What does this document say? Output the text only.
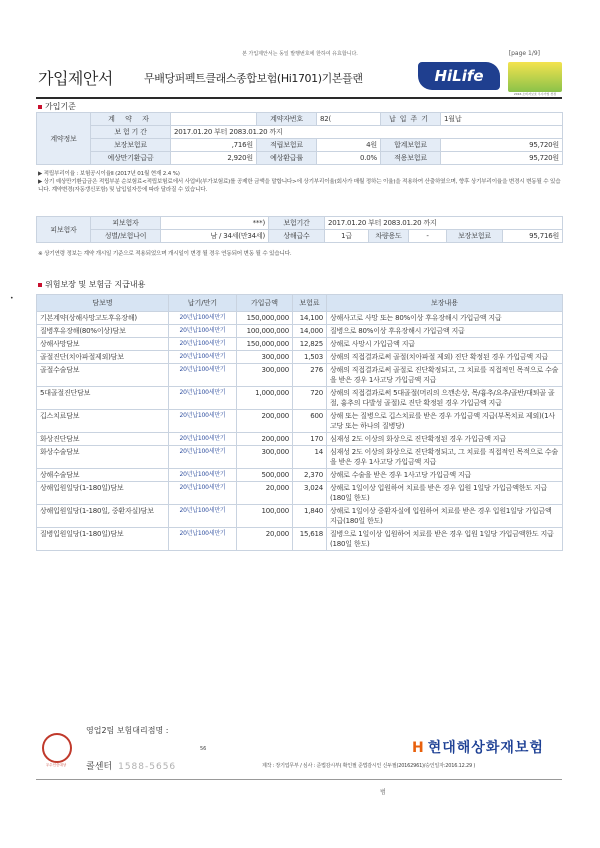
본 가입제안서는 동일 발행번호에 한하여 유효합니다.	[page 1/9]
가입제안서	무배당퍼펙트클래스종합보험(Hi1701)기본플랜	HiLife
2016 소비자보호 우수기업 선정
가입기준
계약정보	계 약 자		계약자번호	82(	납입주기	1월납
	보 험 기 간	2017.01.20 부터 2083.01.20 까지				
	보장보험료	‚716원	적립보험료	4원	합계보험료	95,720원
	예상만기환급금	2,920원	예상환급률	0.0%	적용보험료	95,720원
▶ 적립부리이율 : 보험공시이율Ⅱ (2017년 01월 현재 2.4 %)
▶ 상기 예상만기환급금은 적립부분 순보험료<적립보험료에서 사업비(부가보험료)를 공제한 금액을 말합니다>에 상기부리이율(회사가 매월 정하는 이율)을 적용하여 산출하였으며, 향후 상기부리이율을 변경시 변동될 수 있습니다. 계약변경(자동갱신포함) 및 납입일자등에 따라 달라질 수 있습니다.
피보험자	피보험자	***)	보험기간	2017.01.20 부터 2083.01.20 까지				
	성별/보험나이	남 / 34세(만34세)	상해급수	1급	차량용도	-	보장보험료	95,716원
※ 상기연령 정보는 계약 개시일 기준으로 적용되었으며 개시일이 변경 될 경우 연동되어 변동 될 수 있습니다.
위험보장 및 보험금 지급내용
•
담보명	납기/만기	가입금액	보험료	보장내용
기본계약(상해사망고도후유장해)	20년납100세만기	150,000,000	14,100	상해사고로 사망 또는 80%이상 후유장해시 가입금액 지급
질병후유장해(80%이상)담보	20년납100세만기	100,000,000	14,000	질병으로 80%이상 후유장해시 가입금액 지급
상해사망담보	20년납100세만기	150,000,000	12,825	상해로 사망시 가입금액 지급
골절진단(치아파절제외)담보	20년납100세만기	300,000	1,503	상해의 직접결과로써 골절(치아파절 제외) 진단 확정된 경우 가입금액 지급
골절수술담보	20년납100세만기	300,000	276	상해의 직접결과로써 골절로 진단확정되고, 그 치료를 직접적인 목적으로 수술을 받은 경우 1사고당 가입금액 지급
5대골절진단담보	20년납100세만기	1,000,000	720	상해의 직접결과로써 5대골절(머리의 으깬손상, 목/흉추/요추/골반/대퇴골 골절, 흉추의 다발성 골절)로 진단 확정된 경우 가입금액 지급
깁스치료담보	20년납100세만기	200,000	600	상해 또는 질병으로 깁스치료를 받은 경우 가입금액 지급(부목치료 제외)(1사고당 또는 하나의 질병당)
화상진단담보	20년납100세만기	200,000	170	심재성 2도 이상의 화상으로 진단확정된 경우 가입금액 지급
화상수술담보	20년납100세만기	300,000	14	심재성 2도 이상의 화상으로 진단확정되고, 그 치료를 직접적인 목적으로 수술을 받은 경우 1사고당 가입금액 지급
상해수술담보	20년납100세만기	500,000	2,370	상해로 수술을 받은 경우 1사고당 가입금액 지급
상해입원일당(1-180일)담보	20년납100세만기	20,000	3,024	상해로 1일이상 입원하여 치료를 받은 경우 입원 1일당 가입금액한도 지급(180일 한도)
상해입원일당(1-180일, 중환자실)담보	20년납100세만기	100,000	1,840	상해로 1일이상 중환자실에 입원하여 치료를 받은 경우 입원1일당 가입금액 지급(180일 한도)
질병입원일당(1-180일)담보	20년납100세만기	20,000	15,618	질병으로 1일이상 입원하여 치료를 받은 경우 입원 1일당 가입금액한도 지급(180일 한도)
우수인증대상
영업2팀 보험대리점명 :
56
콜센터 1588-5656
H 현대해상화재보험
제작 : 장기업무부 / 심사 : 준법감시부( 확인필 준법감시인 신두필(20162961)/승인일자:2016.12.29 )
범
